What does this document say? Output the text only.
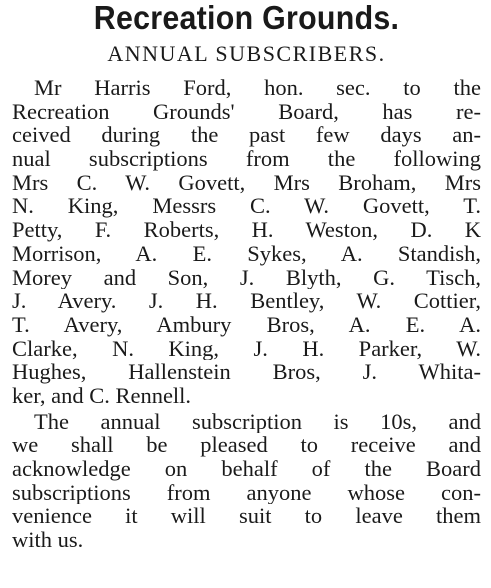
Recreation Grounds.
ANNUAL SUBSCRIBERS.
Mr Harris Ford, hon. sec. to the
Recreation Grounds' Board, has re-
ceived during the past few days an-
nual subscriptions from the following
Mrs C. W. Govett, Mrs Broham, Mrs
N. King, Messrs C. W. Govett, T.
Petty, F. Roberts, H. Weston, D. K
Morrison, A. E. Sykes, A. Standish,
Morey and Son, J. Blyth, G. Tisch,
J. Avery. J. H. Bentley, W. Cottier,
T. Avery, Ambury Bros, A. E. A.
Clarke, N. King, J. H. Parker, W.
Hughes, Hallenstein Bros, J. Whita-
ker, and C. Rennell.
The annual subscription is 10s, and
we shall be pleased to receive and
acknowledge on behalf of the Board
subscriptions from anyone whose con-
venience it will suit to leave them
with us.
